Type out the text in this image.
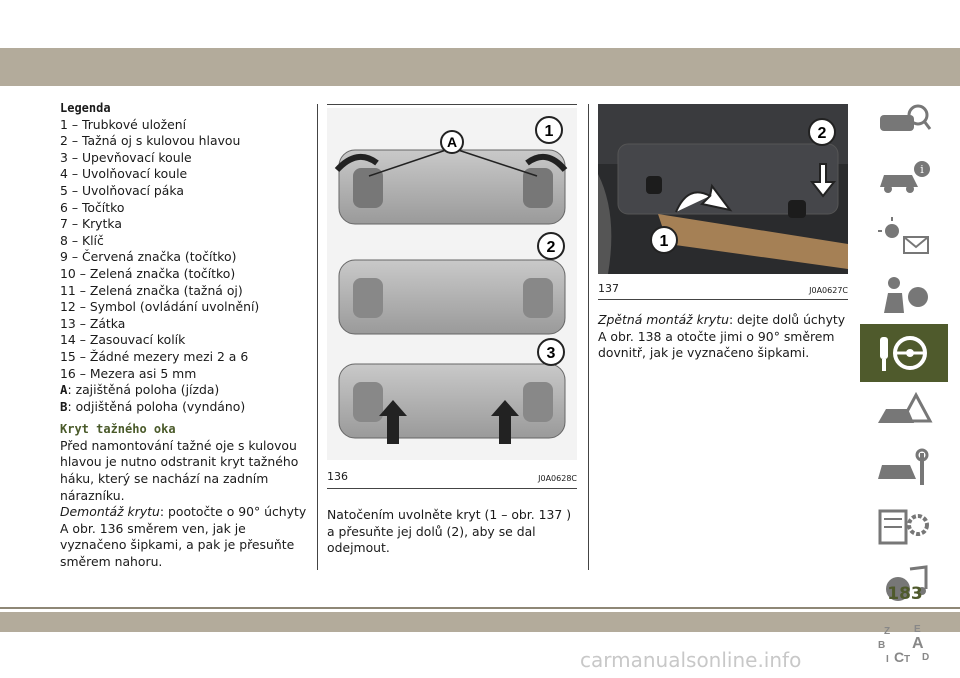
Legenda
1 – Trubkové uložení
2 – Tažná oj s kulovou hlavou
3 – Upevňovací koule
4 – Uvolňovací koule
5 – Uvolňovací páka
6 – Točítko
7 – Krytka
8 – Klíč
9 – Červená značka (točítko)
10 – Zelená značka (točítko)
11 – Zelená značka (tažná oj)
12 – Symbol (ovládání uvolnění)
13 – Zátka
14 – Zasouvací kolík
15 – Žádné mezery mezi 2 a 6
16 – Mezera asi 5 mm
A: zajištěná poloha (jízda)
B: odjištěná poloha (vyndáno)
Kryt tažného oka

Před namontování tažné oje s kulovou hlavou je nutno odstranit kryt tažného háku, který se nachází na zadním nárazníku.

Demontáž krytu: pootočte o 90° úchyty A obr. 136 směrem ven, jak je vyznačeno šipkami, a pak je přesuňte směrem nahoru.

A
1
2
3
136	J0A0628C

Natočením uvolněte kryt (1 – obr. 137 ) a přesuňte jej dolů (2), aby se dal odejmout.

1
2
137	J0A0627C

Zpětná montáž krytu: dejte dolů úchyty A obr. 138 a otočte jimi o 90° směrem dovnitř, jak je vyznačeno šipkami.

i
Z E
B A
I C T D
183
carmanualsonline.info
